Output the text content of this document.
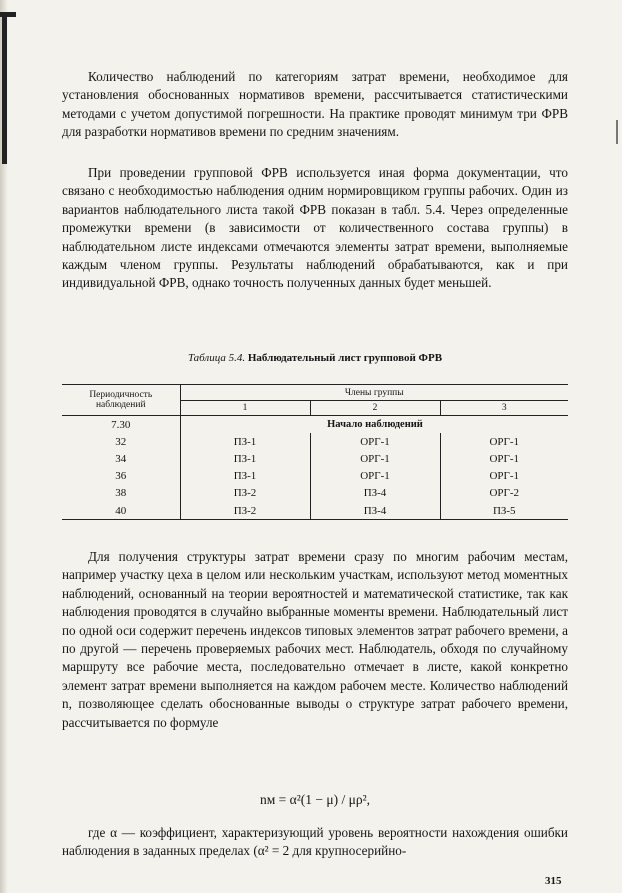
Количество наблюдений по категориям затрат времени, необходимое для установления обоснованных нормативов времени, рассчитывается статистическими методами с учетом допустимой погрешности. На практике проводят минимум три ФРВ для разработки нормативов времени по средним значениям.

При проведении групповой ФРВ используется иная форма документации, что связано с необходимостью наблюдения одним нормировщиком группы рабочих. Один из вариантов наблюдательного листа такой ФРВ показан в табл. 5.4. Через определенные промежутки времени (в зависимости от количественного состава группы) в наблюдательном листе индексами отмечаются элементы затрат времени, выполняемые каждым членом группы. Результаты наблюдений обрабатываются, как и при индивидуальной ФРВ, однако точность полученных данных будет меньшей.

Таблица 5.4. Наблюдательный лист групповой ФРВ
Периодичность наблюдений	Члены группы		
	1	2	3
7.30		Начало наблюдений	
32	ПЗ-1	ОРГ-1	ОРГ-1
34	ПЗ-1	ОРГ-1	ОРГ-1
36	ПЗ-1	ОРГ-1	ОРГ-1
38	ПЗ-2	ПЗ-4	ОРГ-2
40	ПЗ-2	ПЗ-4	ПЗ-5

Для получения структуры затрат времени сразу по многим рабочим местам, например участку цеха в целом или нескольким участкам, используют метод моментных наблюдений, основанный на теории вероятностей и математической статистике, так как наблюдения проводятся в случайно выбранные моменты времени. Наблюдательный лист по одной оси содержит перечень индексов типовых элементов затрат рабочего времени, а по другой — перечень проверяемых рабочих мест. Наблюдатель, обходя по случайному маршруту все рабочие места, последовательно отмечает в листе, какой конкретно элемент затрат времени выполняется на каждом рабочем месте. Количество наблюдений n, позволяющее сделать обоснованные выводы о структуре затрат рабочего времени, рассчитывается по формуле

nм = α²(1 − μ) / μρ²,

где α — коэффициент, характеризующий уровень вероятности нахождения ошибки наблюдения в заданных пределах (α² = 2 для крупносерийно-

315
